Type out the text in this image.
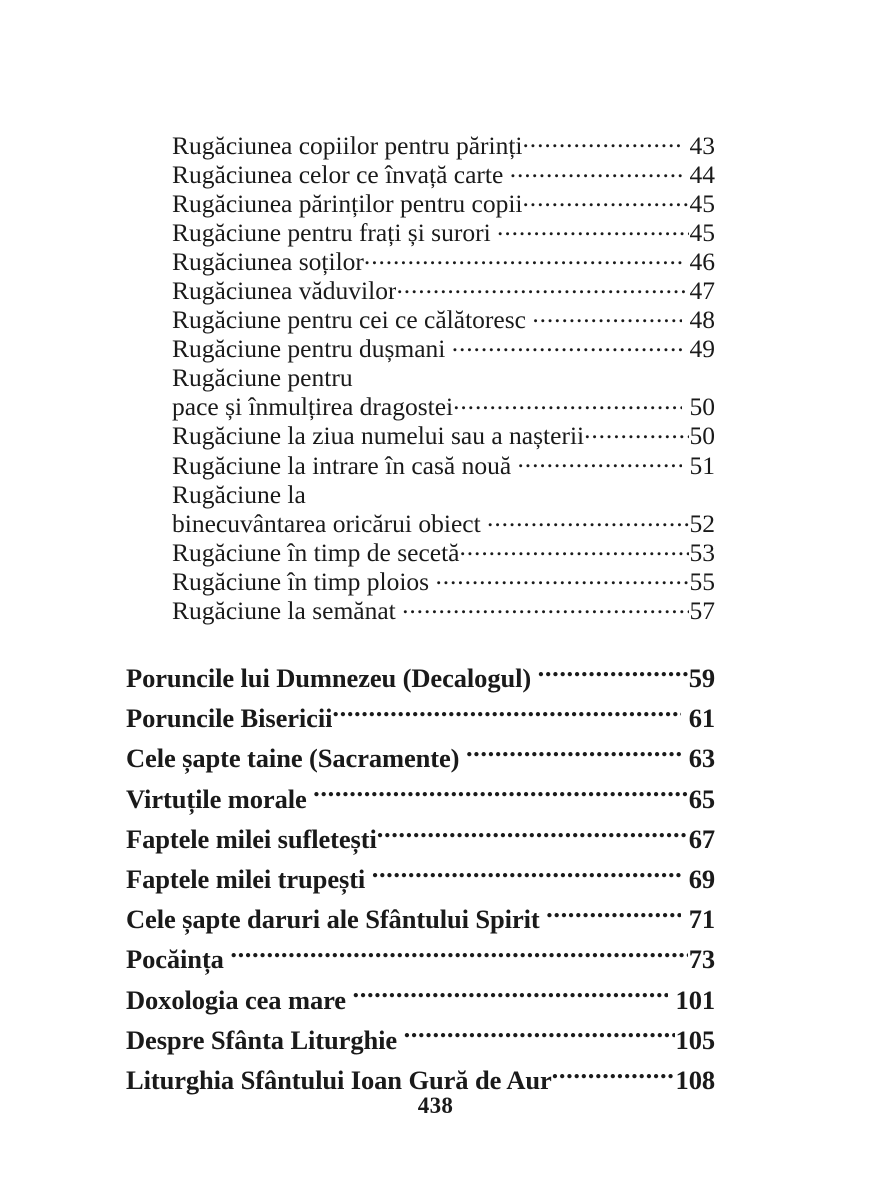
Rugăciunea copiilor pentru părinți .....	43
Rugăciunea celor ce învață carte .....	44
Rugăciunea părinților pentru copii .....	45
Rugăciune pentru frați și surori .....	45
Rugăciunea soților .....	46
Rugăciunea văduvilor .....	47
Rugăciune pentru cei ce călătoresc .....	48
Rugăciune pentru dușmani .....	49
Rugăciune pentru
pace și înmulțirea dragostei .....	50
Rugăciune la ziua numelui sau a nașterii .....	50
Rugăciune la intrare în casă nouă .....	51
Rugăciune la
binecuvântarea oricărui obiect .....	52
Rugăciune în timp de secetă .....	53
Rugăciune în timp ploios .....	55
Rugăciune la semănat .....	57
Poruncile lui Dumnezeu (Decalogul) .....	59
Poruncile Bisericii .....	61
Cele șapte taine (Sacramente) .....	63
Virtuțile morale .....	65
Faptele milei sufletești .....	67
Faptele milei trupești .....	69
Cele șapte daruri ale Sfântului Spirit .....	71
Pocăința .....	73
Doxologia cea mare .....	101
Despre Sfânta Liturghie .....	105
Liturghia Sfântului Ioan Gură de Aur .....	108
438
